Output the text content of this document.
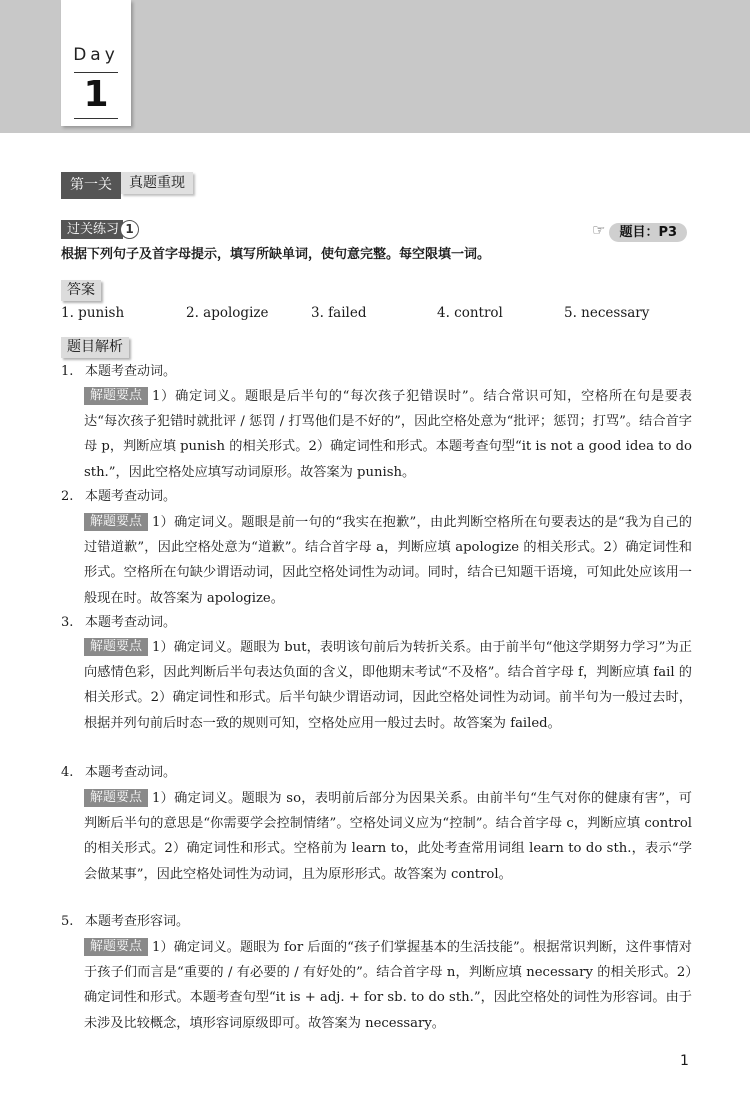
Day
1
第一关 真题重现
过关练习 1	☞ 题目：P3
根据下列句子及首字母提示，填写所缺单词，使句意完整。每空限填一词。
答案
1. punish	2. apologize	3. failed	4. control	5. necessary
题目解析
1. 本题考查动词。
解题要点 1）确定词义。题眼是后半句的“每次孩子犯错误时”。结合常识可知，空格所在句是要表达“每次孩子犯错时就批评 / 惩罚 / 打骂他们是不好的”，因此空格处意为“批评；惩罚；打骂”。结合首字母 p，判断应填 punish 的相关形式。2）确定词性和形式。本题考查句型“it is not a good idea to do sth.”，因此空格处应填写动词原形。故答案为 punish。
2. 本题考查动词。
解题要点 1）确定词义。题眼是前一句的“我实在抱歉”，由此判断空格所在句要表达的是“我为自己的过错道歉”，因此空格处意为“道歉”。结合首字母 a，判断应填 apologize 的相关形式。2）确定词性和形式。空格所在句缺少谓语动词，因此空格处词性为动词。同时，结合已知题干语境，可知此处应该用一般现在时。故答案为 apologize。
3. 本题考查动词。
解题要点 1）确定词义。题眼为 but，表明该句前后为转折关系。由于前半句“他这学期努力学习”为正向感情色彩，因此判断后半句表达负面的含义，即他期末考试“不及格”。结合首字母 f，判断应填 fail 的相关形式。2）确定词性和形式。后半句缺少谓语动词，因此空格处词性为动词。前半句为一般过去时，根据并列句前后时态一致的规则可知，空格处应用一般过去时。故答案为 failed。
4. 本题考查动词。
解题要点 1）确定词义。题眼为 so，表明前后部分为因果关系。由前半句“生气对你的健康有害”，可判断后半句的意思是“你需要学会控制情绪”。空格处词义应为“控制”。结合首字母 c，判断应填 control 的相关形式。2）确定词性和形式。空格前为 learn to，此处考查常用词组 learn to do sth.，表示“学会做某事”，因此空格处词性为动词，且为原形形式。故答案为 control。
5. 本题考查形容词。
解题要点 1）确定词义。题眼为 for 后面的“孩子们掌握基本的生活技能”。根据常识判断，这件事情对于孩子们而言是“重要的 / 有必要的 / 有好处的”。结合首字母 n，判断应填 necessary 的相关形式。2）确定词性和形式。本题考查句型“it is + adj. + for sb. to do sth.”，因此空格处的词性为形容词。由于未涉及比较概念，填形容词原级即可。故答案为 necessary。
1
